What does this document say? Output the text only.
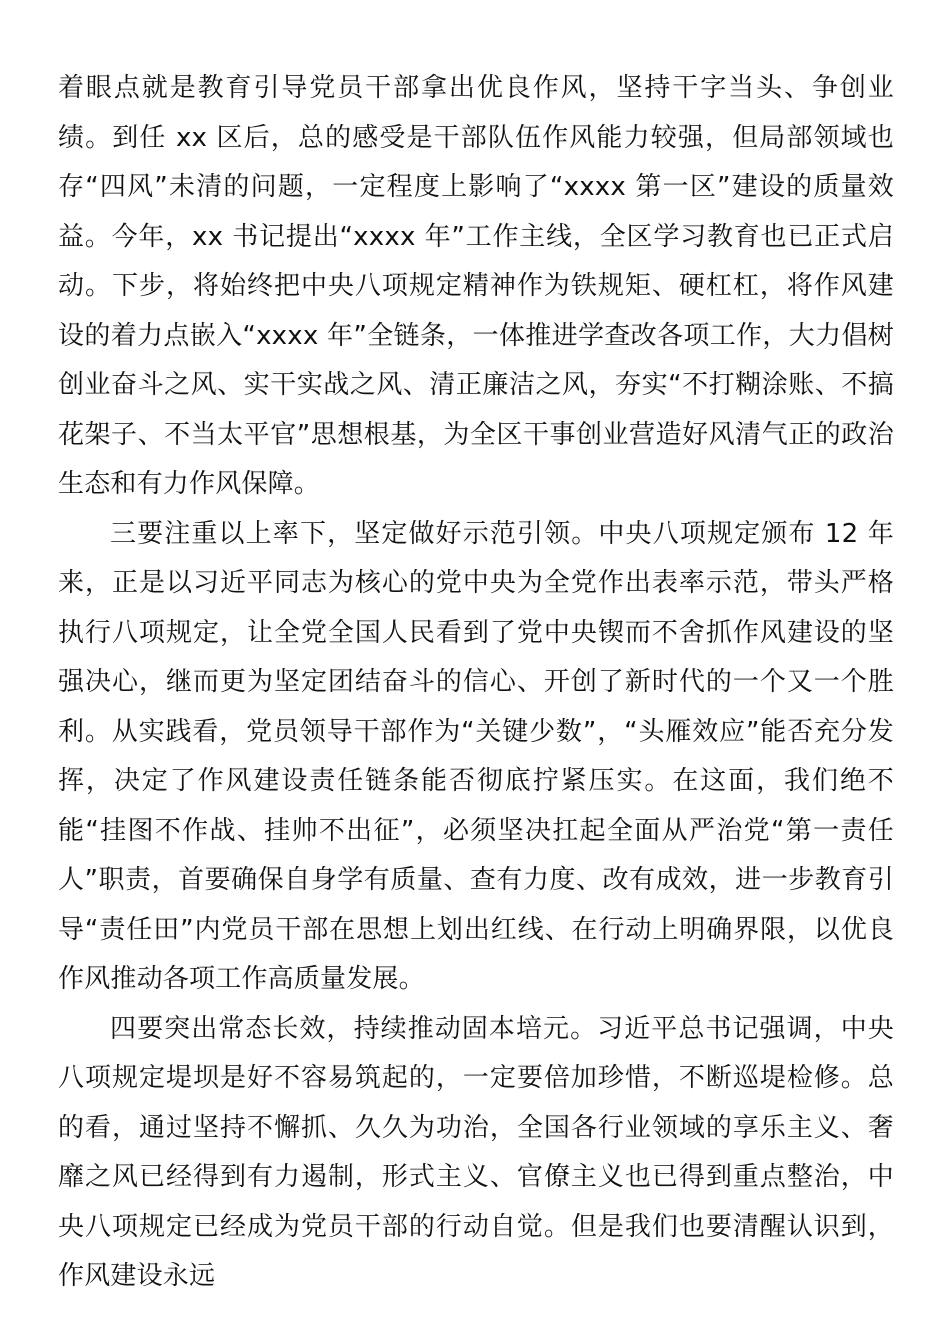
着眼点就是教育引导党员干部拿出优良作风，坚持干字当头、争创业绩。到任 xx 区后，总的感受是干部队伍作风能力较强，但局部领域也存“四风”未清的问题，一定程度上影响了“xxxx 第一区”建设的质量效益。今年，xx 书记提出“xxxx 年”工作主线，全区学习教育也已正式启动。下步，将始终把中央八项规定精神作为铁规矩、硬杠杠，将作风建设的着力点嵌入“xxxx 年”全链条，一体推进学查改各项工作，大力倡树创业奋斗之风、实干实战之风、清正廉洁之风，夯实“不打糊涂账、不搞花架子、不当太平官”思想根基，为全区干事创业营造好风清气正的政治生态和有力作风保障。

三要注重以上率下，坚定做好示范引领。中央八项规定颁布 12 年来，正是以习近平同志为核心的党中央为全党作出表率示范，带头严格执行八项规定，让全党全国人民看到了党中央锲而不舍抓作风建设的坚强决心，继而更为坚定团结奋斗的信心、开创了新时代的一个又一个胜利。从实践看，党员领导干部作为“关键少数”，“头雁效应”能否充分发挥，决定了作风建设责任链条能否彻底拧紧压实。在这面，我们绝不能“挂图不作战、挂帅不出征”，必须坚决扛起全面从严治党“第一责任人”职责，首要确保自身学有质量、查有力度、改有成效，进一步教育引导“责任田”内党员干部在思想上划出红线、在行动上明确界限，以优良作风推动各项工作高质量发展。

四要突出常态长效，持续推动固本培元。习近平总书记强调，中央八项规定堤坝是好不容易筑起的，一定要倍加珍惜，不断巡堤检修。总的看，通过坚持不懈抓、久久为功治，全国各行业领域的享乐主义、奢靡之风已经得到有力遏制，形式主义、官僚主义也已得到重点整治，中央八项规定已经成为党员干部的行动自觉。但是我们也要清醒认识到，作风建设永远
